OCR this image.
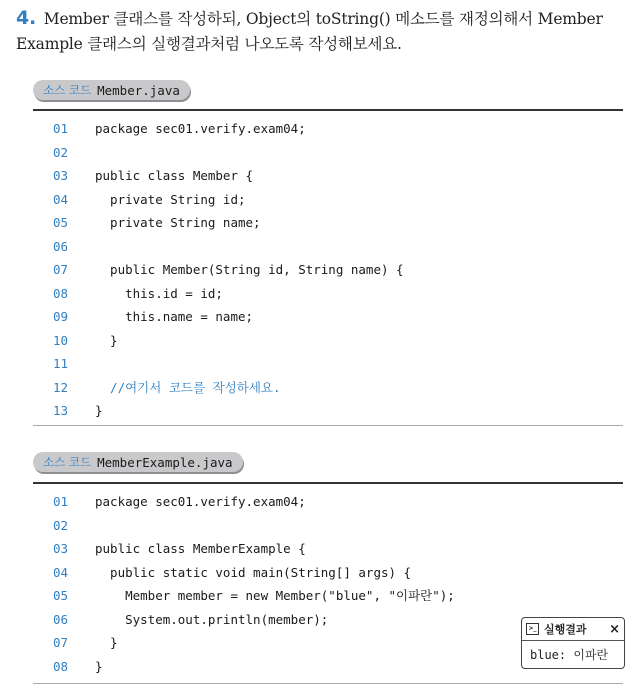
4. Member 클래스를 작성하되, Object의 toString() 메소드를 재정의해서 Member Example 클래스의 실행결과처럼 나오도록 작성해보세요.
소스 코드 Member.java
01	package sec01.verify.exam04;
02
03	public class Member {
04	private String id;
05	private String name;
06
07	public Member(String id, String name) {
08	this.id = id;
09	this.name = name;
10	}
11
12	//여기서 코드를 작성하세요.
13	}
소스 코드 MemberExample.java
01	package sec01.verify.exam04;
02
03	public class MemberExample {
04	public static void main(String[] args) {
05	Member member = new Member("blue", "이파란");
06	System.out.println(member);
07	}
08	}
>_ 실행결과	×
blue: 이파란
